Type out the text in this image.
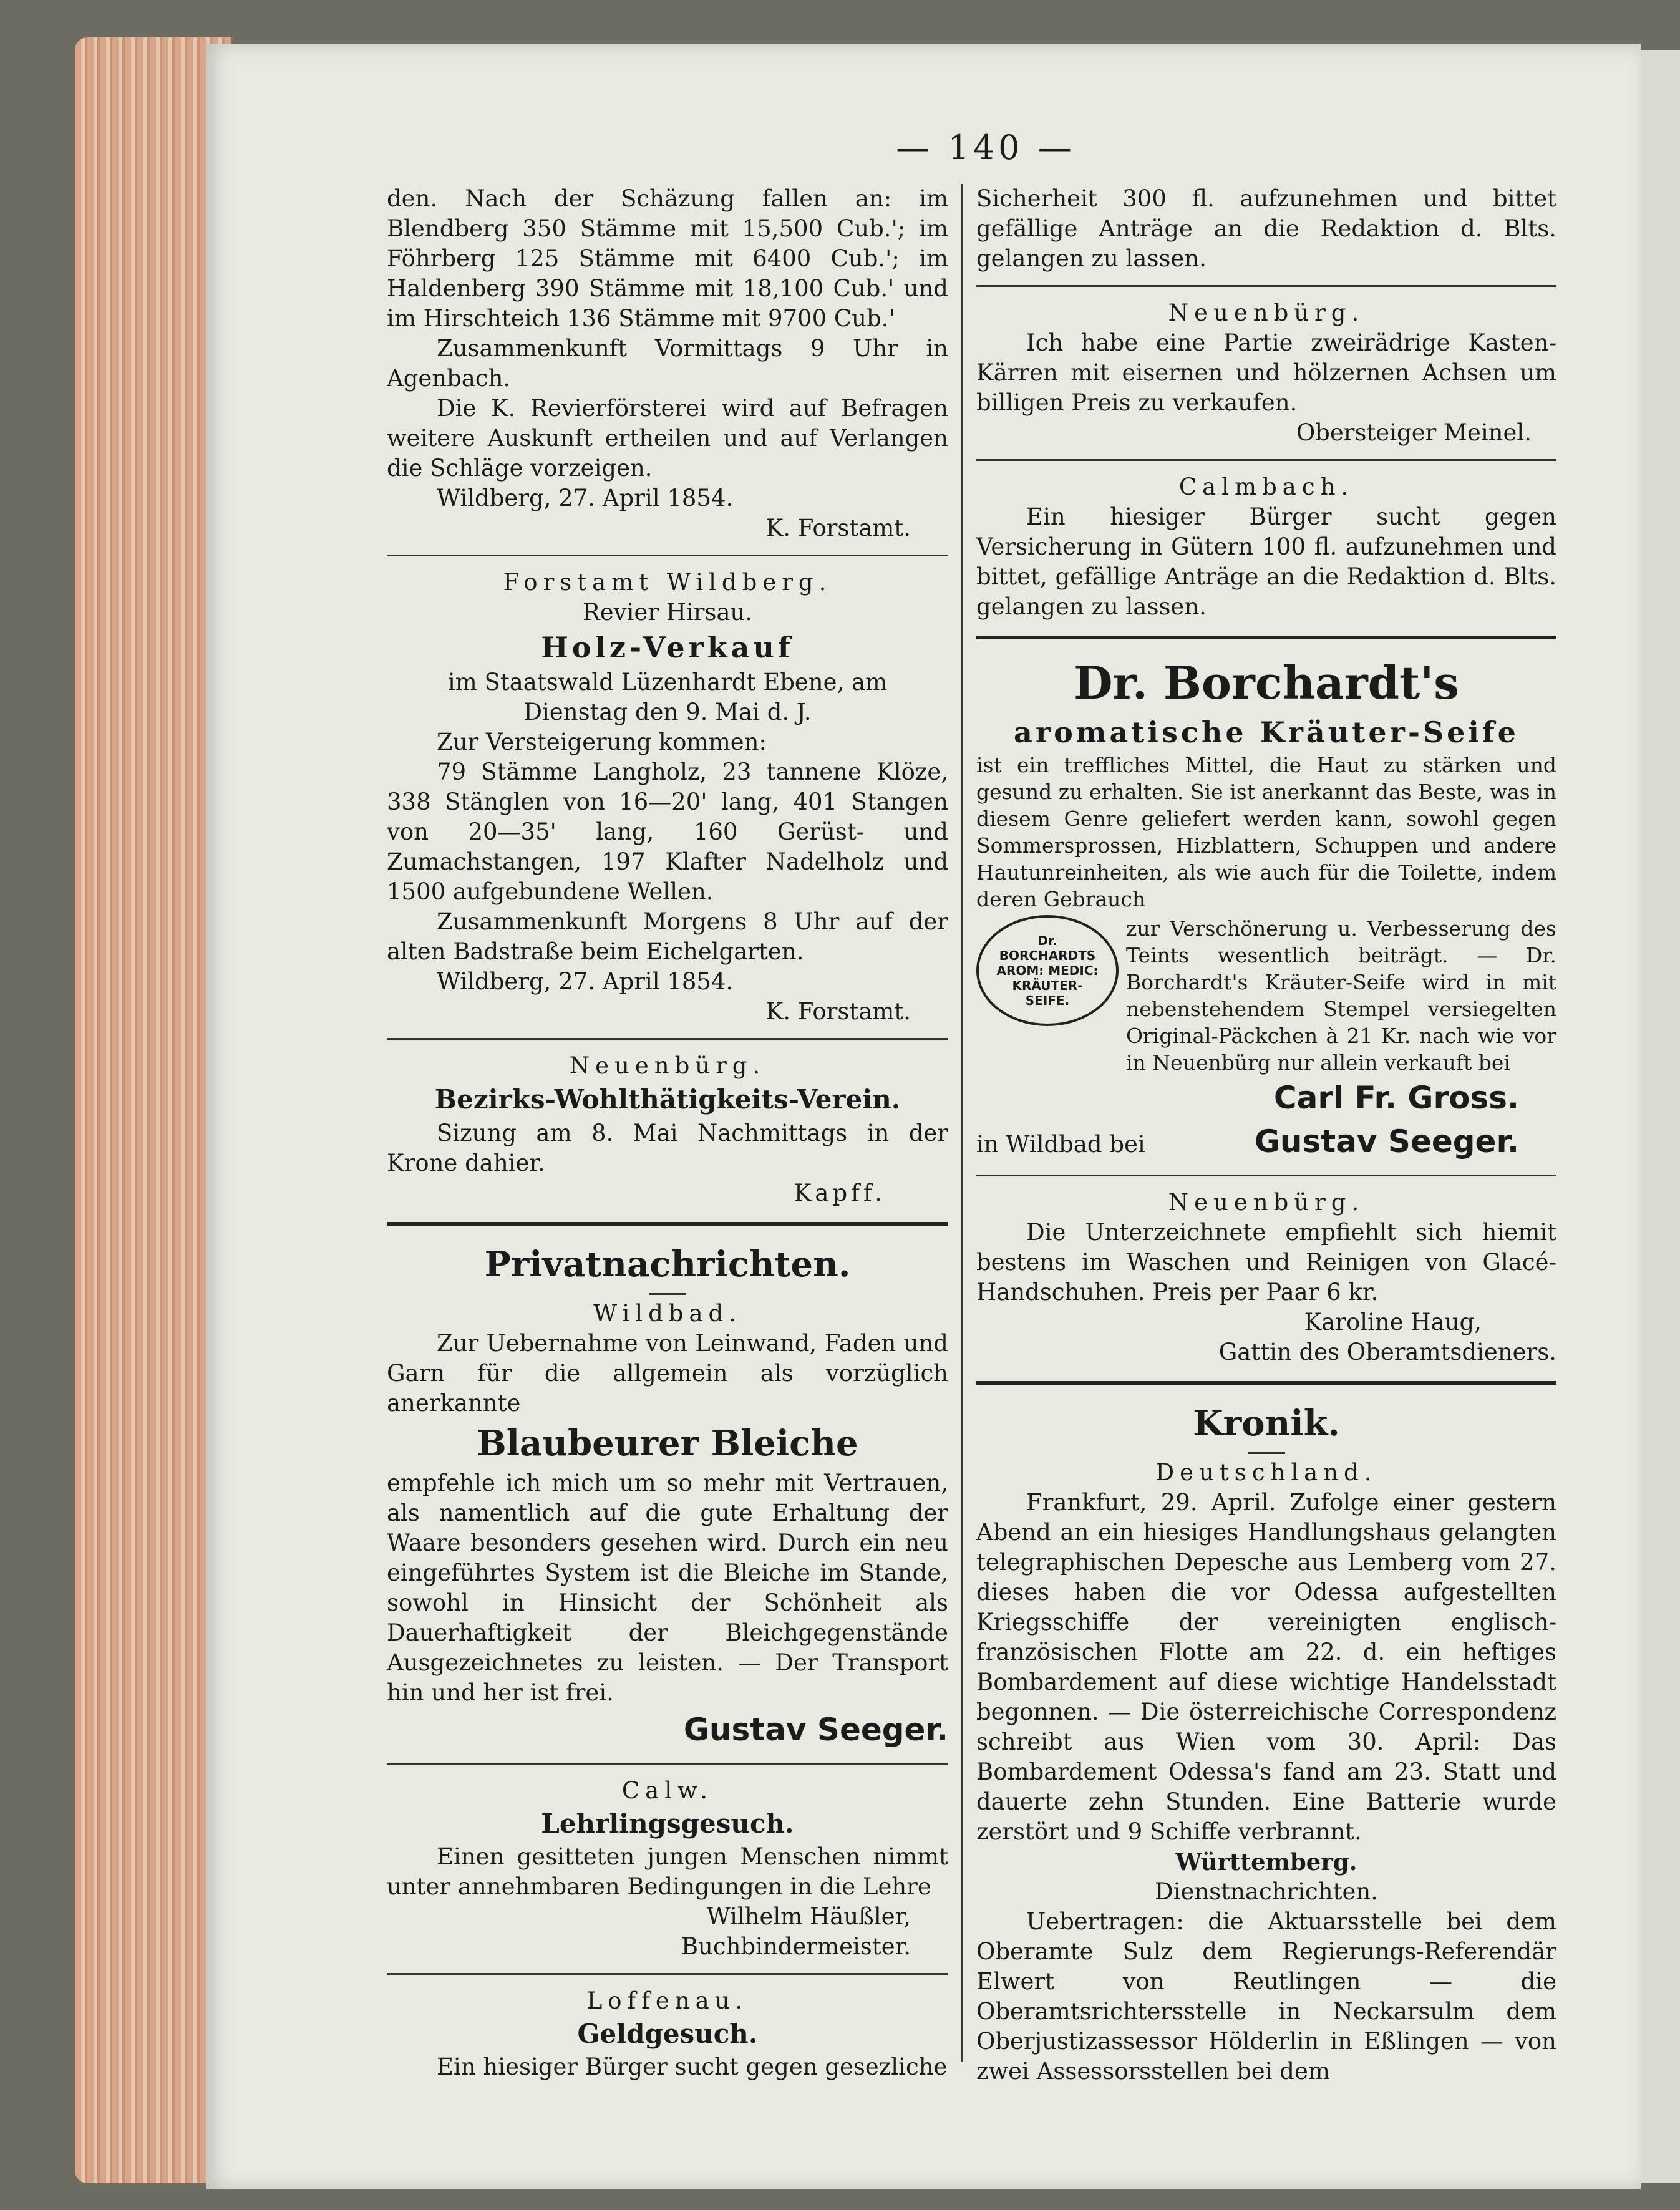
— 140 —

den. Nach der Schäzung fallen an: im Blendberg 350 Stämme mit 15,500 Cub.'; im Föhrberg 125 Stämme mit 6400 Cub.'; im Haldenberg 390 Stämme mit 18,100 Cub.' und im Hirschteich 136 Stämme mit 9700 Cub.'

Zusammenkunft Vormittags 9 Uhr in Agenbach.

Die K. Revierförsterei wird auf Befragen weitere Auskunft ertheilen und auf Verlangen die Schläge vorzeigen.

Wildberg, 27. April 1854.

K. Forstamt.

Forstamt Wildberg.

Revier Hirsau.

Holz-Verkauf

im Staatswald Lüzenhardt Ebene, am

Dienstag den 9. Mai d. J.

Zur Versteigerung kommen:

79 Stämme Langholz, 23 tannene Klöze, 338 Stänglen von 16—20' lang, 401 Stangen von 20—35' lang, 160 Gerüst- und Zumachstangen, 197 Klafter Nadelholz und 1500 aufgebundene Wellen.

Zusammenkunft Morgens 8 Uhr auf der alten Badstraße beim Eichelgarten.

Wildberg, 27. April 1854.

K. Forstamt.

Neuenbürg.

Bezirks-Wohlthätigkeits-Verein.

Sizung am 8. Mai Nachmittags in der Krone dahier.

Kapff.

Privatnachrichten.

Wildbad.

Zur Uebernahme von Leinwand, Faden und Garn für die allgemein als vorzüglich anerkannte

Blaubeurer Bleiche

empfehle ich mich um so mehr mit Vertrauen, als namentlich auf die gute Erhaltung der Waare besonders gesehen wird. Durch ein neu eingeführtes System ist die Bleiche im Stande, sowohl in Hinsicht der Schönheit als Dauerhaftigkeit der Bleichgegenstände Ausgezeichnetes zu leisten. — Der Transport hin und her ist frei.

Gustav Seeger.

Calw.

Lehrlingsgesuch.

Einen gesitteten jungen Menschen nimmt unter annehmbaren Bedingungen in die Lehre

Wilhelm Häußler,

Buchbindermeister.

Loffenau.

Geldgesuch.

Ein hiesiger Bürger sucht gegen gesezliche

Sicherheit 300 fl. aufzunehmen und bittet gefällige Anträge an die Redaktion d. Blts. gelangen zu lassen.

Neuenbürg.

Ich habe eine Partie zweirädrige Kasten-Kärren mit eisernen und hölzernen Achsen um billigen Preis zu verkaufen.

Obersteiger Meinel.

Calmbach.

Ein hiesiger Bürger sucht gegen Versicherung in Gütern 100 fl. aufzunehmen und bittet, gefällige Anträge an die Redaktion d. Blts. gelangen zu lassen.

Dr. Borchardt's

aromatische Kräuter-Seife

ist ein treffliches Mittel, die Haut zu stärken und gesund zu erhalten. Sie ist anerkannt das Beste, was in diesem Genre geliefert werden kann, sowohl gegen Sommersprossen, Hizblattern, Schuppen und andere Hautunreinheiten, als wie auch für die Toilette, indem deren Gebrauch

Dr.
BORCHARDTS
AROM: MEDIC:
KRÄUTER-
SEIFE.

zur Verschönerung u. Verbesserung des Teints wesentlich beiträgt. — Dr. Borchardt's Kräuter-Seife wird in mit nebenstehendem Stempel versiegelten Original-Päckchen à 21 Kr. nach wie vor in Neuenbürg nur allein verkauft bei

Carl Fr. Gross.

in Wildbad bei	Gustav Seeger.

Neuenbürg.

Die Unterzeichnete empfiehlt sich hiemit bestens im Waschen und Reinigen von Glacé-Handschuhen. Preis per Paar 6 kr.

Karoline Haug,

Gattin des Oberamtsdieners.

Kronik.

Deutschland.

Frankfurt, 29. April. Zufolge einer gestern Abend an ein hiesiges Handlungshaus gelangten telegraphischen Depesche aus Lemberg vom 27. dieses haben die vor Odessa aufgestellten Kriegsschiffe der vereinigten englisch-französischen Flotte am 22. d. ein heftiges Bombardement auf diese wichtige Handelsstadt begonnen. — Die österreichische Correspondenz schreibt aus Wien vom 30. April: Das Bombardement Odessa's fand am 23. Statt und dauerte zehn Stunden. Eine Batterie wurde zerstört und 9 Schiffe verbrannt.

Württemberg.

Dienstnachrichten.

Uebertragen: die Aktuarsstelle bei dem Oberamte Sulz dem Regierungs-Referendär Elwert von Reutlingen — die Oberamtsrichtersstelle in Neckarsulm dem Oberjustizassessor Hölderlin in Eßlingen — von zwei Assessorsstellen bei dem
